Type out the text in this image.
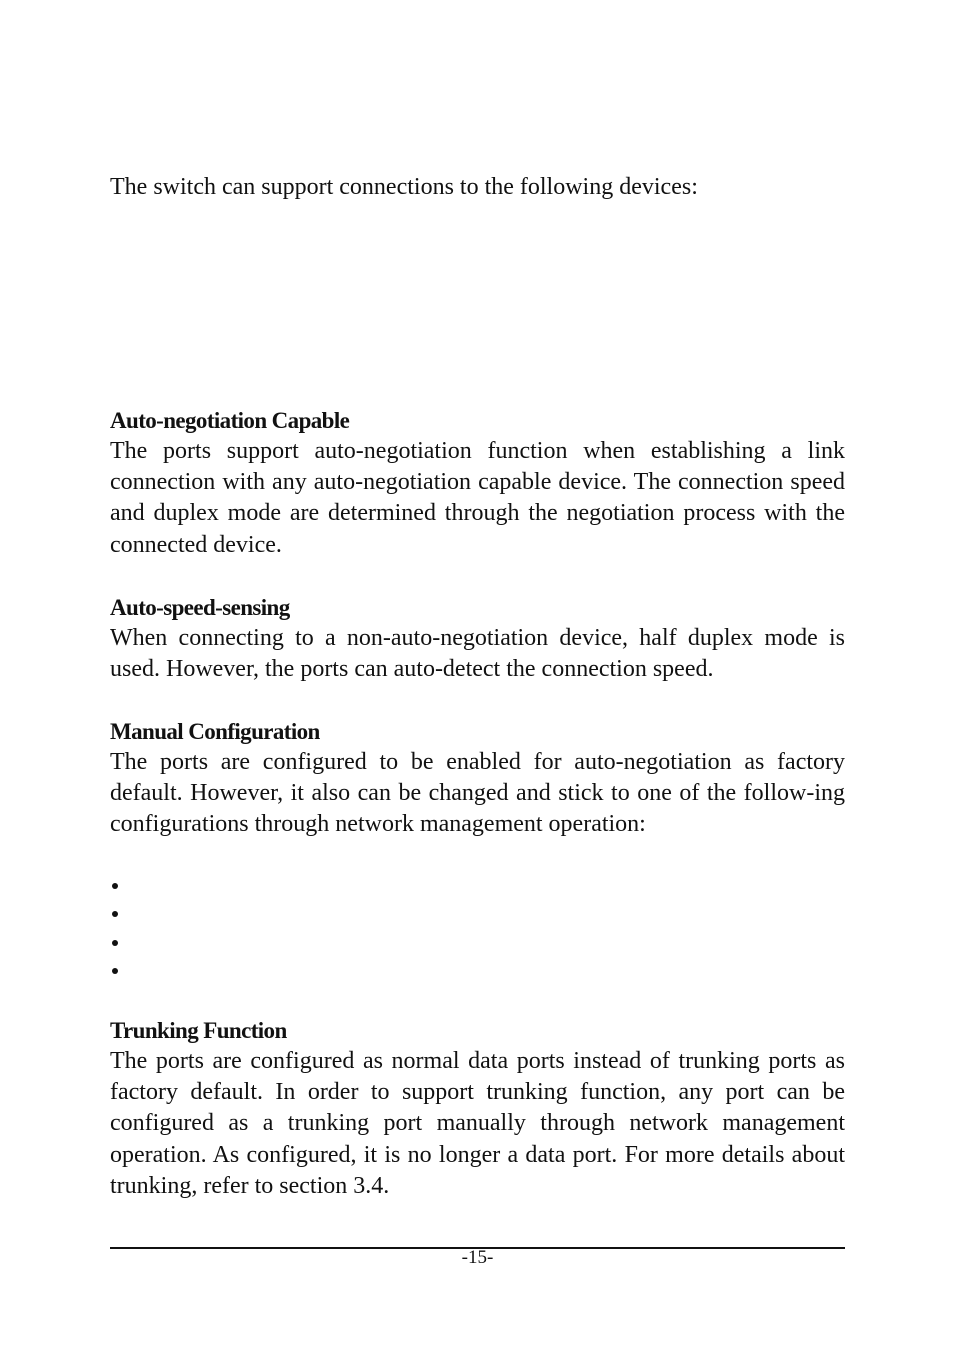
The switch can support connections to the following devices:

Auto-negotiation Capable

The ports support auto-negotiation function when establishing a link connection with any auto-negotiation capable device. The connection speed and duplex mode are determined through the negotiation process with the connected device.

Auto-speed-sensing

When connecting to a non-auto-negotiation device, half duplex mode is used. However, the ports can auto-detect the connection speed.

Manual Configuration

The ports are configured to be enabled for auto-negotiation as factory default. However, it also can be changed and stick to one of the follow-ing configurations through network management operation:

Trunking Function

The ports are configured as normal data ports instead of trunking ports as factory default. In order to support trunking function, any port can be configured as a trunking port manually through network management operation. As configured, it is no longer a data port. For more details about trunking, refer to section 3.4.

-15-
